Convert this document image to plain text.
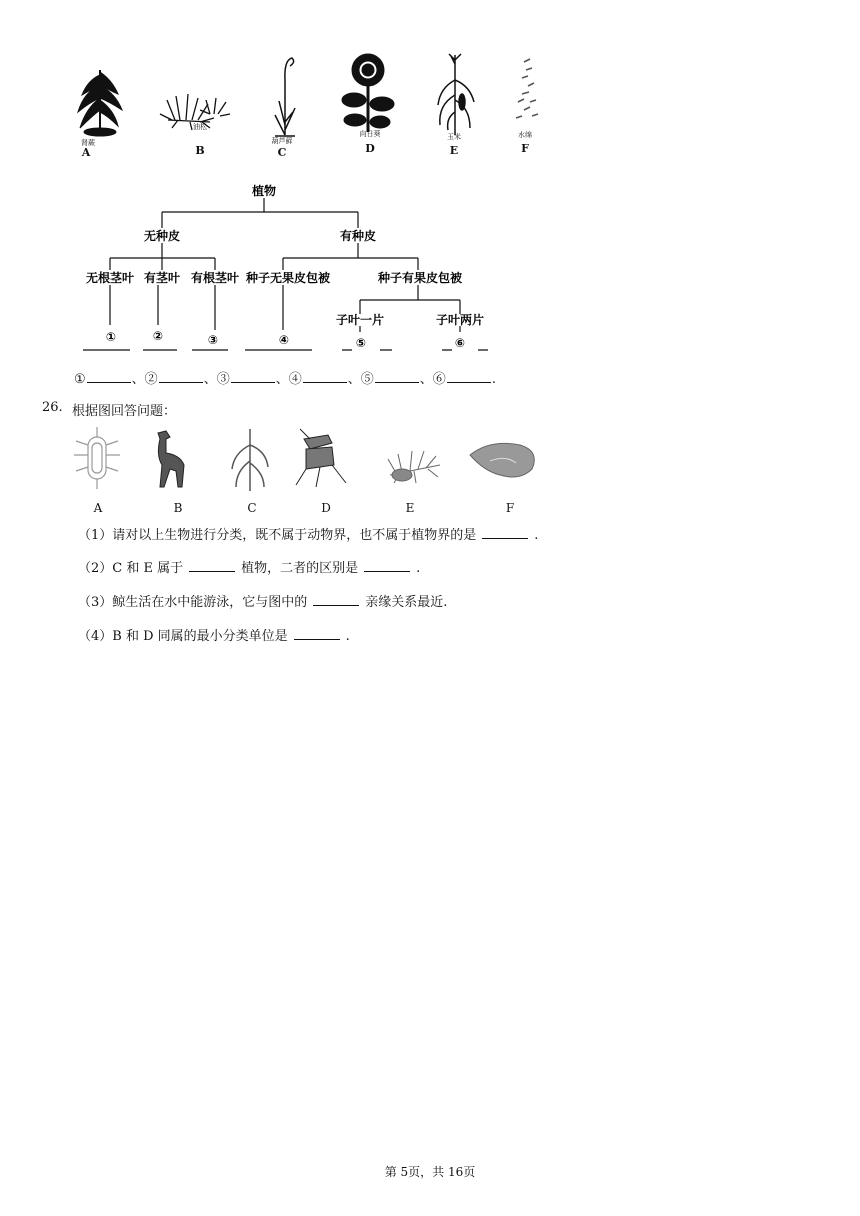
肾蕨
A
油松
B
葫芦藓
C
向日葵
D
玉米
E
水绵
F
植物
无种皮	有种皮
无根茎叶 有茎叶 有根茎叶 种子无果皮包被	种子有果皮包被
子叶一片	子叶两片
①	②	③	④	⑤	⑥
①	、②	、③	、④	、⑤	、⑥	.
26. 根据图回答问题：
A	B	C	D	E	F
（1）请对以上生物进行分类，既不属于动物界，也不属于植物界的是	.
（2）C 和 E 属于	植物，二者的区别是	.
（3）鲸生活在水中能游泳，它与图中的	亲缘关系最近.
（4）B 和 D 同属的最小分类单位是	.
第 5页，共 16页
